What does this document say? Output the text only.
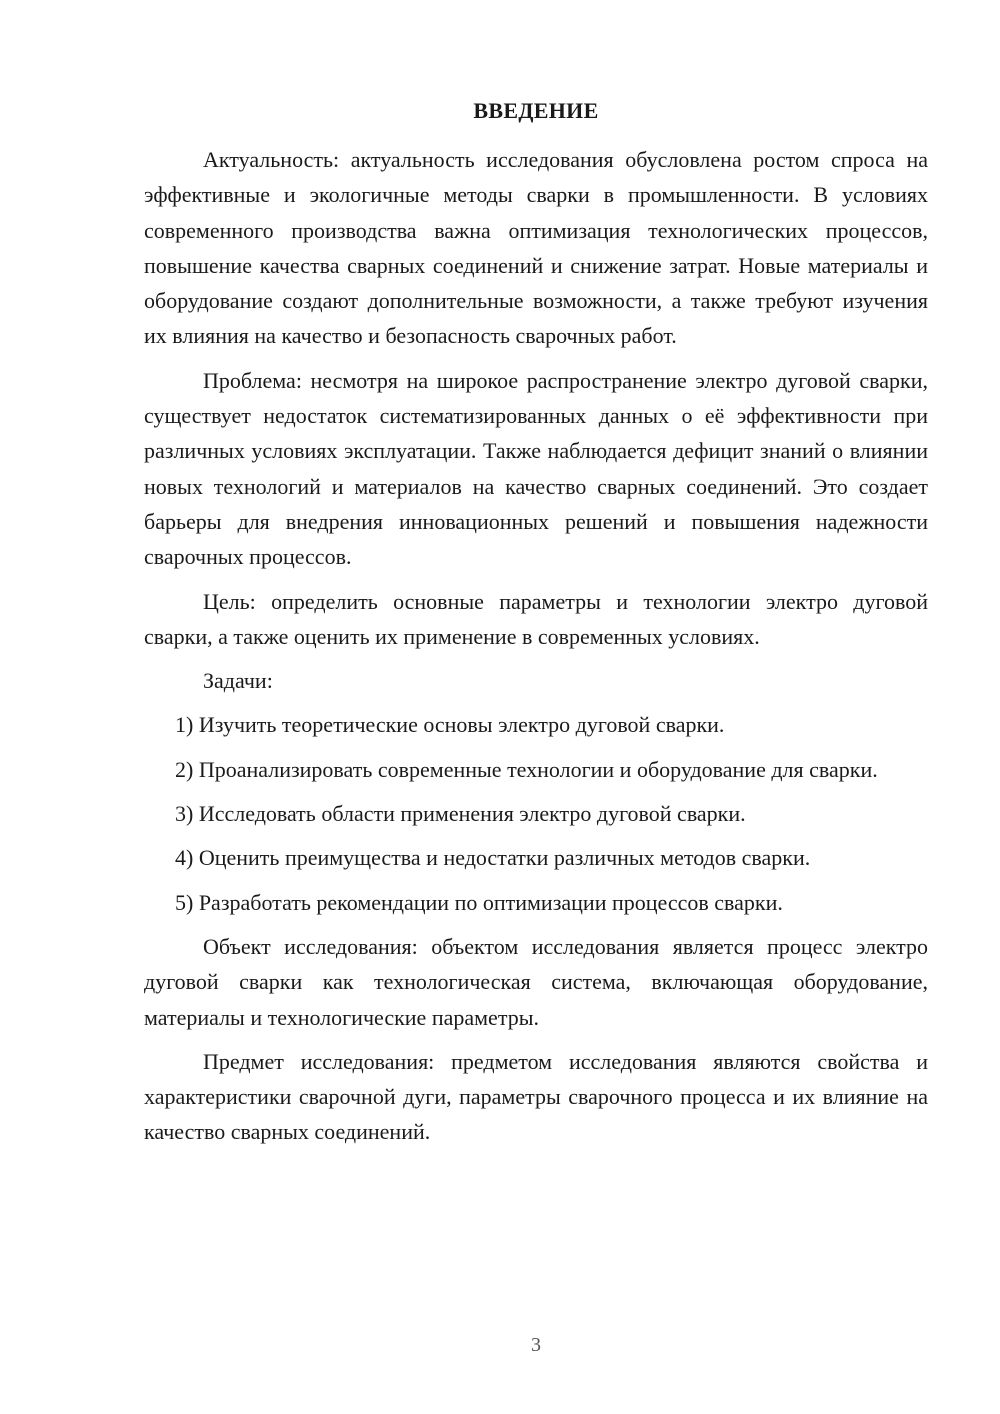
ВВЕДЕНИЕ

Актуальность: актуальность исследования обусловлена ростом спроса на эффективные и экологичные методы сварки в промышленности. В условиях современного производства важна оптимизация технологических процессов, повышение качества сварных соединений и снижение затрат. Новые материалы и оборудование создают дополнительные возможности, а также требуют изучения их влияния на качество и безопасность сварочных работ.

Проблема: несмотря на широкое распространение электро дуговой сварки, существует недостаток систематизированных данных о её эффективности при различных условиях эксплуатации. Также наблюдается дефицит знаний о влиянии новых технологий и материалов на качество сварных соединений. Это создает барьеры для внедрения инновационных решений и повышения надежности сварочных процессов.

Цель: определить основные параметры и технологии электро дуговой сварки, а также оценить их применение в современных условиях.

Задачи:

1) Изучить теоретические основы электро дуговой сварки.

2) Проанализировать современные технологии и оборудование для сварки.

3) Исследовать области применения электро дуговой сварки.

4) Оценить преимущества и недостатки различных методов сварки.

5) Разработать рекомендации по оптимизации процессов сварки.

Объект исследования: объектом исследования является процесс электро дуговой сварки как технологическая система, включающая оборудование, материалы и технологические параметры.

Предмет исследования: предметом исследования являются свойства и характеристики сварочной дуги, параметры сварочного процесса и их влияние на качество сварных соединений.

3
